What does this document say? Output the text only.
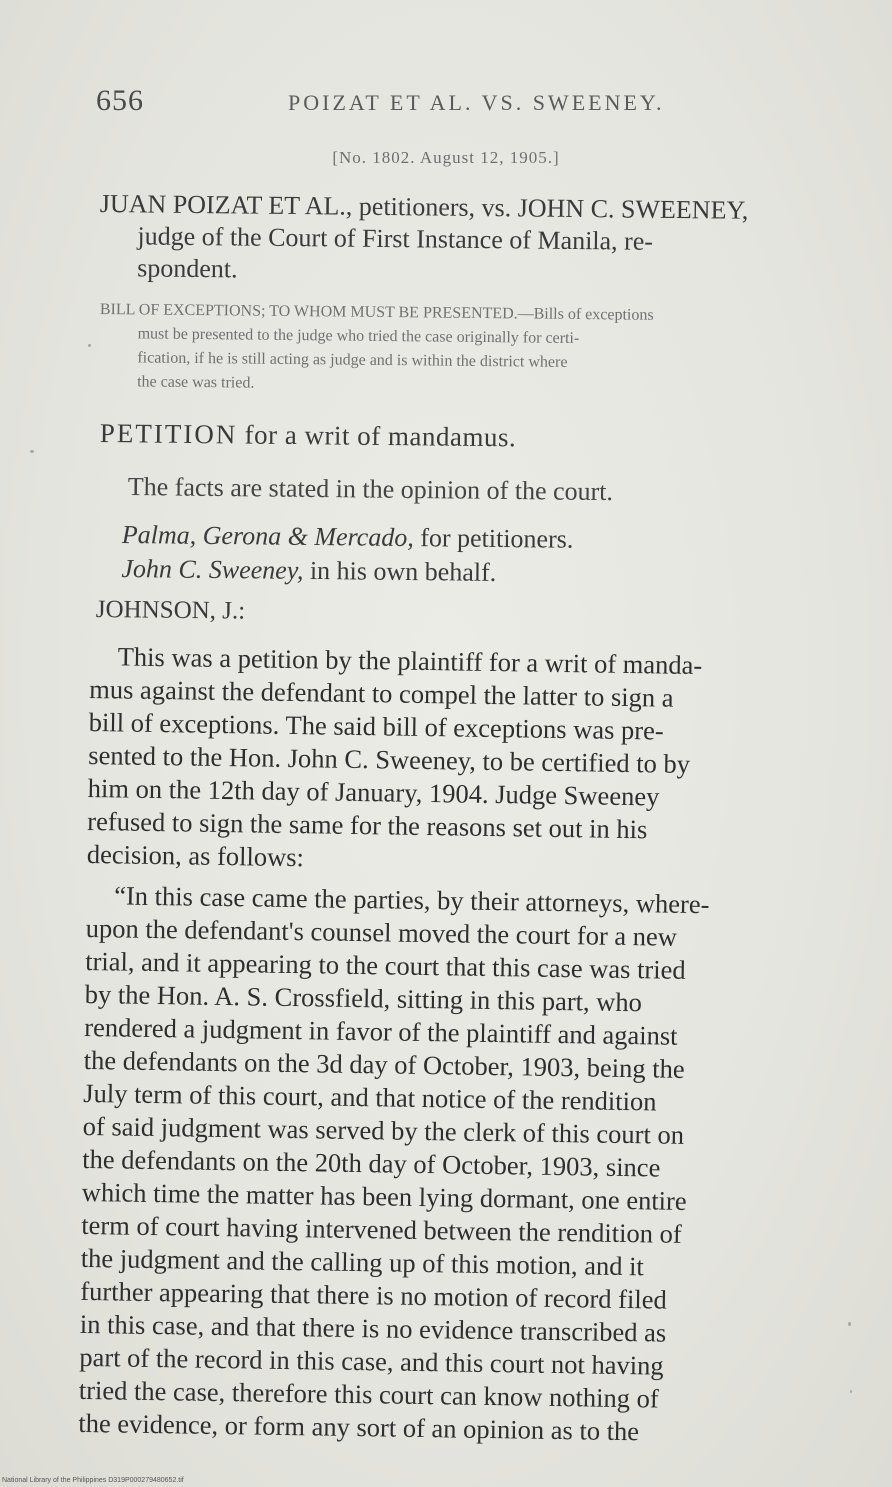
656	POIZAT ET AL. VS. SWEENEY.
[No. 1802. August 12, 1905.]
JUAN POIZAT ET AL., petitioners, vs. JOHN C. SWEENEY,
judge of the Court of First Instance of Manila, re-
spondent.
BILL OF EXCEPTIONS; TO WHOM MUST BE PRESENTED.—Bills of exceptions
must be presented to the judge who tried the case originally for certi-
fication, if he is still acting as judge and is within the district where
the case was tried.
PETITION for a writ of mandamus.
The facts are stated in the opinion of the court.
Palma, Gerona & Mercado, for petitioners.
John C. Sweeney, in his own behalf.
JOHNSON, J.:
This was a petition by the plaintiff for a writ of manda-
mus against the defendant to compel the latter to sign a
bill of exceptions. The said bill of exceptions was pre-
sented to the Hon. John C. Sweeney, to be certified to by
him on the 12th day of January, 1904. Judge Sweeney
refused to sign the same for the reasons set out in his
decision, as follows:
“In this case came the parties, by their attorneys, where-
upon the defendant's counsel moved the court for a new
trial, and it appearing to the court that this case was tried
by the Hon. A. S. Crossfield, sitting in this part, who
rendered a judgment in favor of the plaintiff and against
the defendants on the 3d day of October, 1903, being the
July term of this court, and that notice of the rendition
of said judgment was served by the clerk of this court on
the defendants on the 20th day of October, 1903, since
which time the matter has been lying dormant, one entire
term of court having intervened between the rendition of
the judgment and the calling up of this motion, and it
further appearing that there is no motion of record filed
in this case, and that there is no evidence transcribed as
part of the record in this case, and this court not having
tried the case, therefore this court can know nothing of
the evidence, or form any sort of an opinion as to the
National Library of the Philippines D319P000279480652.tif
